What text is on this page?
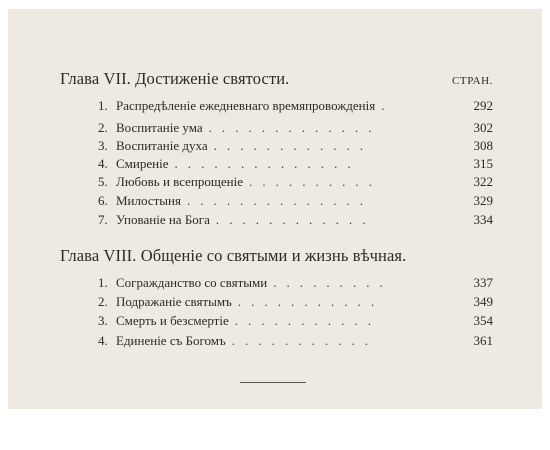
Глава VII. Достиженіе святости.	СТРАН.
1. Распредѣленіе ежедневнаго времяпровожденія .	292
2. Воспитаніе ума . . . . . . . . . . . . .	302
3. Воспитаніе духа . . . . . . . . . . . .	308
4. Смиреніе . . . . . . . . . . . . . .	315
5. Любовь и всепрощеніе . . . . . . . . . .	322
6. Милостыня . . . . . . . . . . . . . .	329
7. Упованіе на Бога . . . . . . . . . . . .	334
Глава VIII. Общеніе со святыми и жизнь вѣчная.
1. Согражданство со святыми . . . . . . . . .	337
2. Подражаніе святымъ . . . . . . . . . . .	349
3. Смерть и безсмертіе . . . . . . . . . . .	354
4. Единеніе съ Богомъ . . . . . . . . . . .	361
